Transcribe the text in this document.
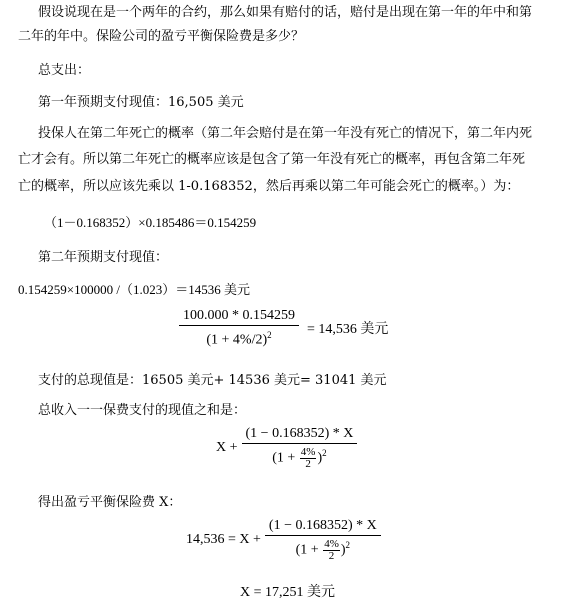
假设说现在是一个两年的合约，那么如果有赔付的话，赔付是出现在第一年的年中和第
二年的年中。保险公司的盈亏平衡保险费是多少？
总支出：
第一年预期支付现值：16,505 美元
投保人在第二年死亡的概率（第二年会赔付是在第一年没有死亡的情况下，第二年内死
亡才会有。所以第二年死亡的概率应该是包含了第一年没有死亡的概率，再包含第二年死
亡的概率，所以应该先乘以 1-0.168352，然后再乘以第二年可能会死亡的概率。）为：
（1－0.168352）×0.185486＝0.154259
第二年预期支付现值：
0.154259×100000 /（1.023）＝14536 美元
$\frac{100.000 * 0.154259}{(1 + 4\%/2)^2} = 14,536$ 美元
支付的总现值是：16505 美元+ 14536 美元= 31041 美元
总收入一一保费支付的现值之和是：
$X + \frac{(1 - 0.168352) * X}{(1 + \frac{4\%}{2} )^2}$
得出盈亏平衡保险费 X：
$14,536 = X + \frac{(1 - 0.168352) * X}{(1 + \frac{4\%}{2} )^2}$
X = 17,251 美元
